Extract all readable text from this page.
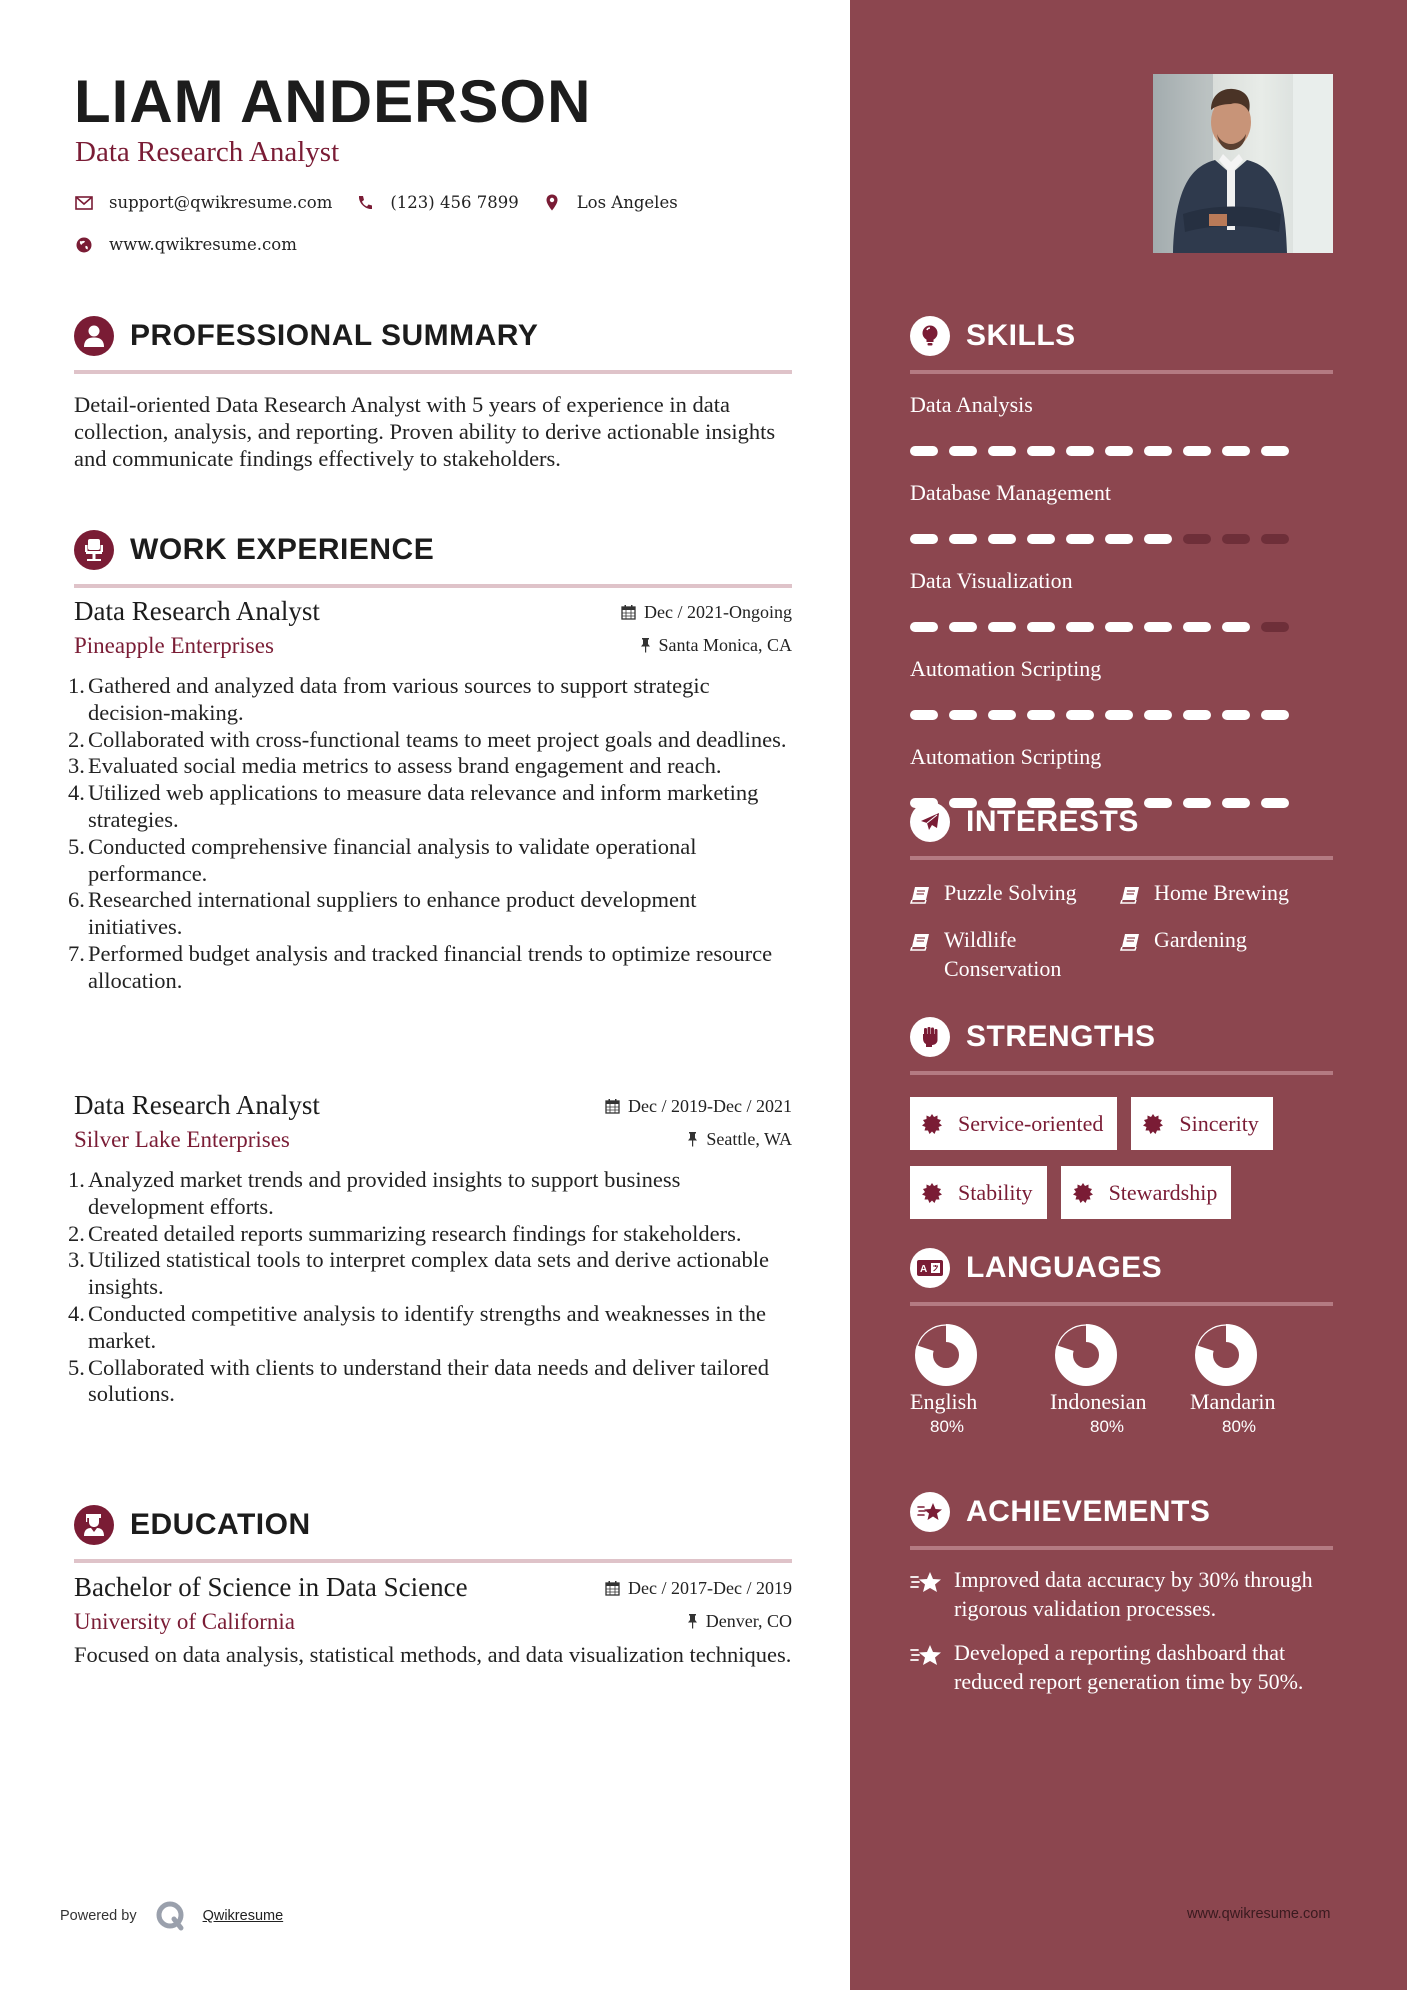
LIAM ANDERSON
Data Research Analyst
support@qwikresume.com	(123) 456 7899	Los Angeles
www.qwikresume.com
PROFESSIONAL SUMMARY

Detail-oriented Data Research Analyst with 5 years of experience in data collection, analysis, and reporting. Proven ability to derive actionable insights and communicate findings effectively to stakeholders.

WORK EXPERIENCE
Data Research Analyst	Dec / 2021-Ongoing
Pineapple Enterprises	Santa Monica, CA
1. Gathered and analyzed data from various sources to support strategic decision-making.
2. Collaborated with cross-functional teams to meet project goals and deadlines.
3. Evaluated social media metrics to assess brand engagement and reach.
4. Utilized web applications to measure data relevance and inform marketing strategies.
5. Conducted comprehensive financial analysis to validate operational performance.
6. Researched international suppliers to enhance product development initiatives.
7. Performed budget analysis and tracked financial trends to optimize resource allocation.
Data Research Analyst	Dec / 2019-Dec / 2021
Silver Lake Enterprises	Seattle, WA
1. Analyzed market trends and provided insights to support business development efforts.
2. Created detailed reports summarizing research findings for stakeholders.
3. Utilized statistical tools to interpret complex data sets and derive actionable insights.
4. Conducted competitive analysis to identify strengths and weaknesses in the market.
5. Collaborated with clients to understand their data needs and deliver tailored solutions.
EDUCATION
Bachelor of Science in Data Science	Dec / 2017-Dec / 2019
University of California	Denver, CO

Focused on data analysis, statistical methods, and data visualization techniques.

Powered by	Qwikresume
SKILLS
Data Analysis
Database Management
Data Visualization
Automation Scripting
Automation Scripting
INTERESTS
Puzzle Solving	Home Brewing
Wildlife Conservation
Gardening
STRENGTHS
Service-oriented	Sincerity
Stability	Stewardship
A LANGUAGES
English
80%
Indonesian
80%
Mandarin
80%
ACHIEVEMENTS
Improved data accuracy by 30% through rigorous validation processes.
Developed a reporting dashboard that reduced report generation time by 50%.
www.qwikresume.com
